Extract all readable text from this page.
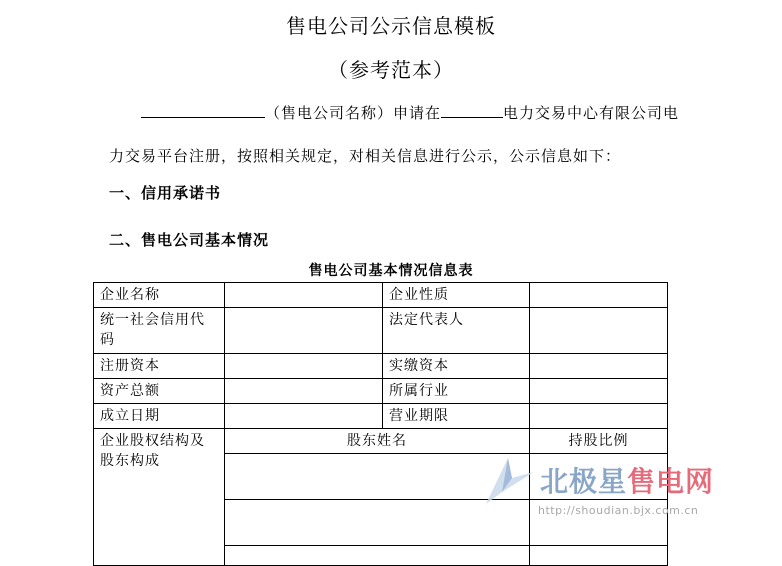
售电公司公示信息模板
（参考范本）
（售电公司名称）申请在	电力交易中心有限公司电
力交易平台注册，按照相关规定，对相关信息进行公示，公示信息如下：
一、信用承诺书
二、售电公司基本情况
售电公司基本情况信息表
企业名称		企业性质	
统一社会信用代码		法定代表人	
注册资本		实缴资本	
资产总额		所属行业	
成立日期		营业期限	
企业股权结构及股东构成	股东姓名		持股比例

北极星售电网
http://shoudian.bjx.com.cn
